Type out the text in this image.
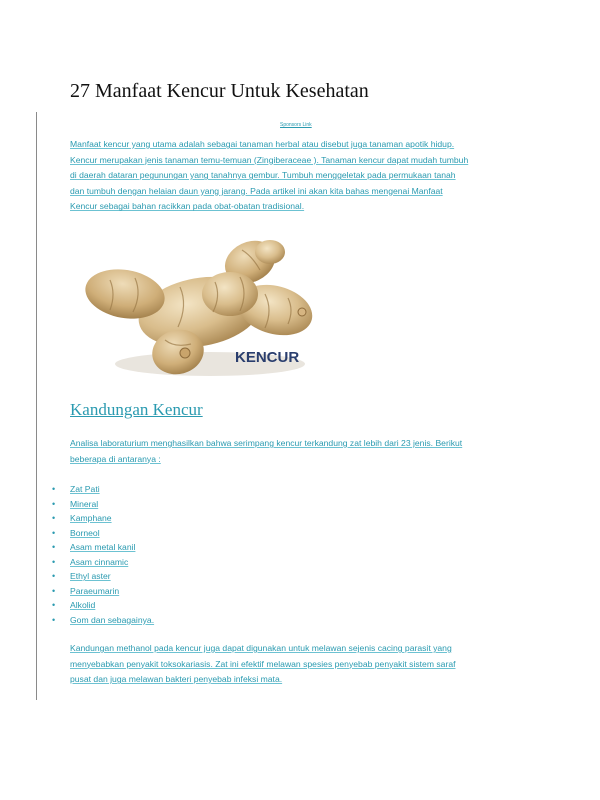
27 Manfaat Kencur Untuk Kesehatan
Sponsors Link

Manfaat kencur yang utama adalah sebagai tanaman herbal atau disebut juga tanaman apotik hidup.
Kencur merupakan jenis tanaman temu-temuan (Zingiberaceae ). Tanaman kencur dapat mudah tumbuh
di daerah dataran pegunungan yang tanahnya gembur. Tumbuh menggeletak pada permukaan tanah
dan tumbuh dengan helaian daun yang jarang. Pada artikel ini akan kita bahas mengenai Manfaat
Kencur sebagai bahan racikkan pada obat-obatan tradisional.

KENCUR
Kandungan Kencur

Analisa laboraturium menghasilkan bahwa serimpang kencur terkandung zat lebih dari 23 jenis. Berikut
beberapa di antaranya :

• Zat Pati
• Mineral
• Kamphane
• Borneol
• Asam metal kanil
• Asam cinnamic
• Ethyl aster
• Paraeumarin
• Alkolid
• Gom dan sebagainya.

Kandungan methanol pada kencur juga dapat digunakan untuk melawan sejenis cacing parasit yang
menyebabkan penyakit toksokariasis. Zat ini efektif melawan spesies penyebab penyakit sistem saraf
pusat dan juga melawan bakteri penyebab infeksi mata.
